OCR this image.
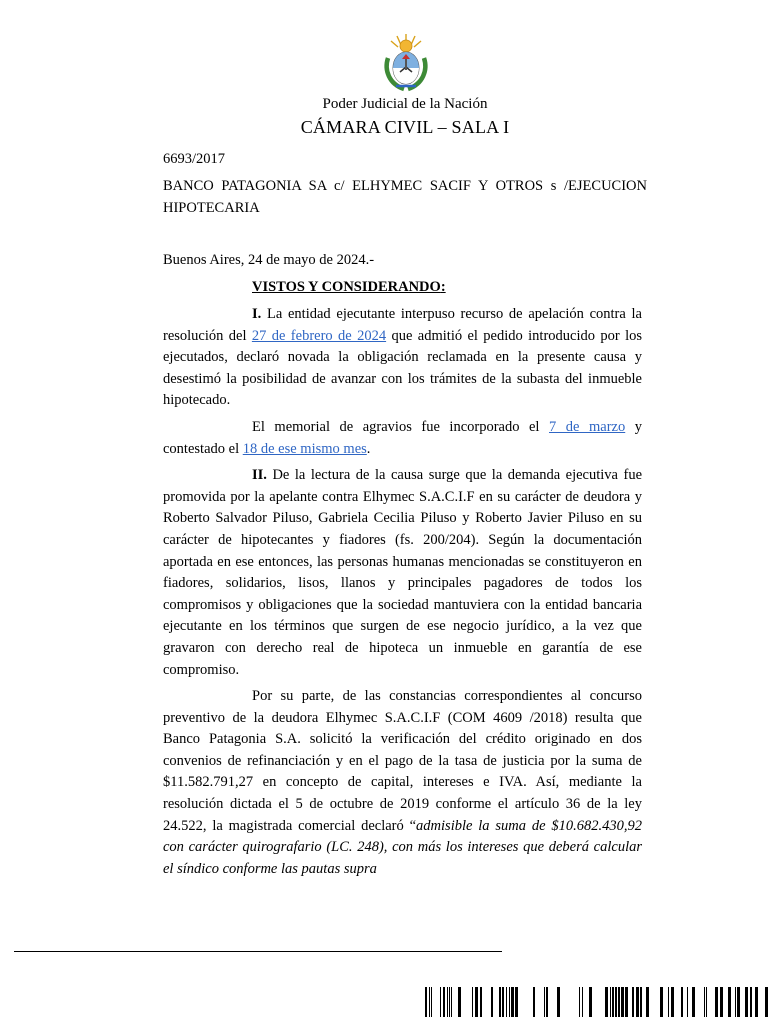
Poder Judicial de la Nación
CÁMARA CIVIL – SALA I
6693/2017
BANCO PATAGONIA SA c/ ELHYMEC SACIF Y OTROS s /EJECUCION HIPOTECARIA
Buenos Aires, 24 de mayo de 2024.-
VISTOS Y CONSIDERANDO:

I. La entidad ejecutante interpuso recurso de apelación contra la resolución del 27 de febrero de 2024 que admitió el pedido introducido por los ejecutados, declaró novada la obligación reclamada en la presente causa y desestimó la posibilidad de avanzar con los trámites de la subasta del inmueble hipotecado.

El memorial de agravios fue incorporado el 7 de marzo y contestado el 18 de ese mismo mes.

II. De la lectura de la causa surge que la demanda ejecutiva fue promovida por la apelante contra Elhymec S.A.C.I.F en su carácter de deudora y Roberto Salvador Piluso, Gabriela Cecilia Piluso y Roberto Javier Piluso en su carácter de hipotecantes y fiadores (fs. 200/204). Según la documentación aportada en ese entonces, las personas humanas mencionadas se constituyeron en fiadores, solidarios, lisos, llanos y principales pagadores de todos los compromisos y obligaciones que la sociedad mantuviera con la entidad bancaria ejecutante en los términos que surgen de ese negocio jurídico, a la vez que gravaron con derecho real de hipoteca un inmueble en garantía de ese compromiso.

Por su parte, de las constancias correspondientes al concurso preventivo de la deudora Elhymec S.A.C.I.F (COM 4609 /2018) resulta que Banco Patagonia S.A. solicitó la verificación del crédito originado en dos convenios de refinanciación y en el pago de la tasa de justicia por la suma de $11.582.791,27 en concepto de capital, intereses e IVA. Así, mediante la resolución dictada el 5 de octubre de 2019 conforme el artículo 36 de la ley 24.522, la magistrada comercial declaró “admisible la suma de $10.682.430,92 con carácter quirografario (LC. 248), con más los intereses que deberá calcular el síndico conforme las pautas supra
